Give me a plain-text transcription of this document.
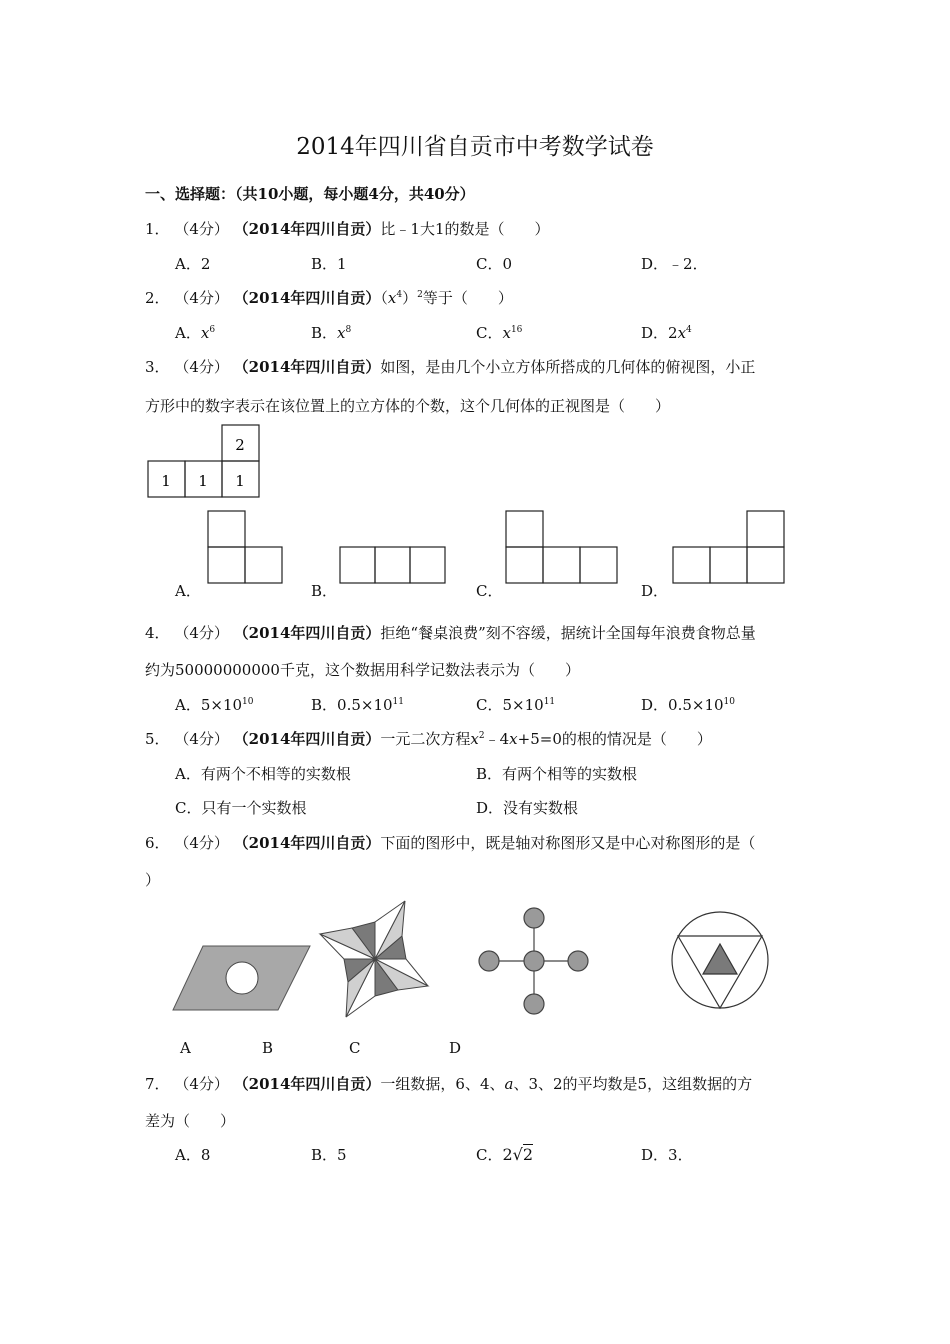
2014年四川省自贡市中考数学试卷
一、选择题：（共10小题，每小题4分，共40分）
1． （4分） （2014年四川自贡）比﹣1大1的数是（　　）
A．2	B．1	C．0	D．﹣2．
2． （4分） （2014年四川自贡）$(x^4)^2$等于（　　）
A．$x^6$	B．$x^8$	C．$x^{16}$	D．$2x^4$
3． （4分） （2014年四川自贡）如图，是由几个小立方体所搭成的几何体的俯视图，小正
方形中的数字表示在该位置上的立方体的个数，这个几何体的正视图是（　　）
1 1 1
2
A．	B．	C．	D．
4． （4分） （2014年四川自贡）拒绝“餐桌浪费”刻不容缓，据统计全国每年浪费食物总量
约为50000000000千克，这个数据用科学记数法表示为（　　）
A．$5\times 10^{10}$	B．$0.5\times 10^{11}$	C．$5\times 10^{11}$	D．$0.5\times 10^{10}$
5． （4分） （2014年四川自贡）一元二次方程$x^2﹣4x+5=0$的根的情况是（　　）
A．有两个不相等的实数根	B．有两个相等的实数根
C．只有一个实数根	D．没有实数根
6． （4分） （2014年四川自贡）下面的图形中，既是轴对称图形又是中心对称图形的是（
）
A	B	C	D
7． （4分） （2014年四川自贡）一组数据，6、4、a、3、2的平均数是5，这组数据的方
差为（　　）
A．8	B．5	C．2√2	D．3．
